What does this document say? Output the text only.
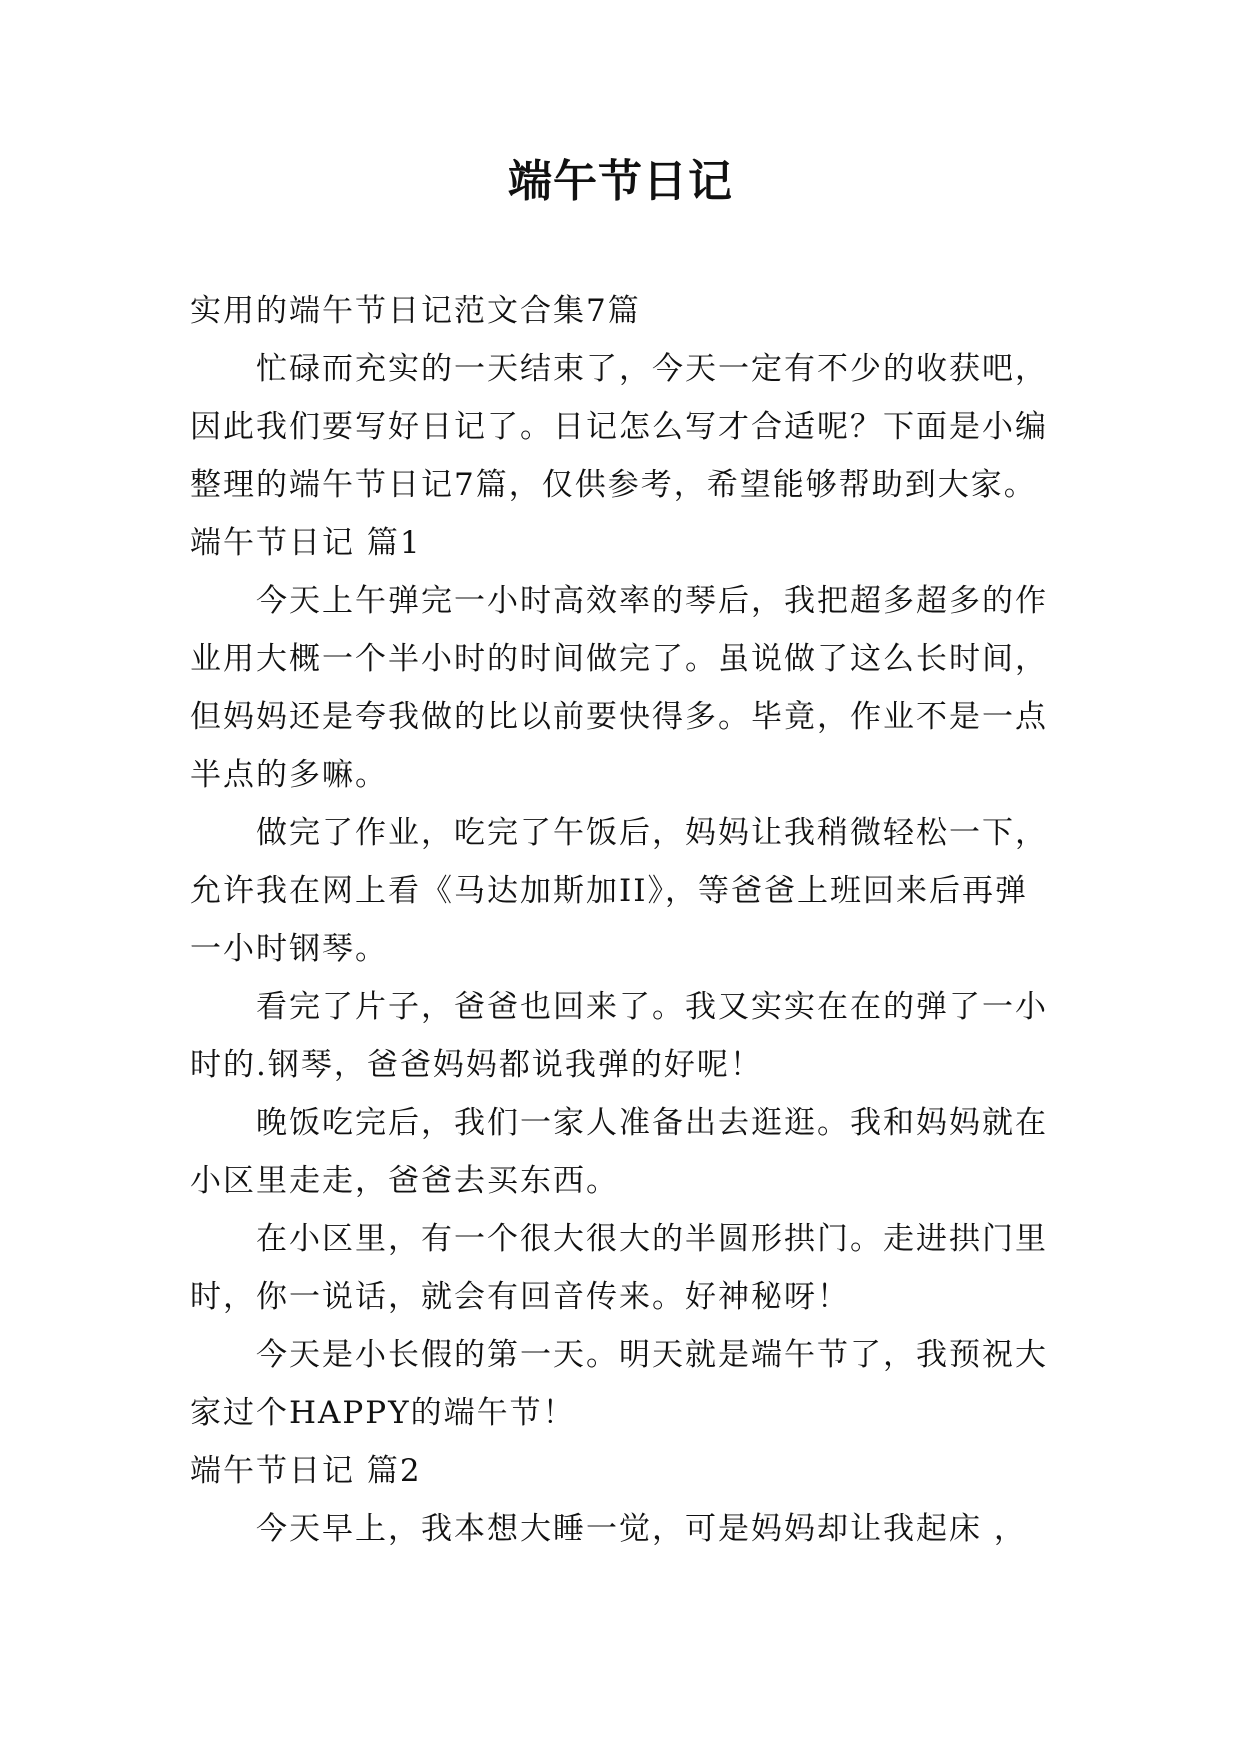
端午节日记
实用的端午节日记范文合集7篇
忙碌而充实的一天结束了，今天一定有不少的收获吧，
因此我们要写好日记了。日记怎么写才合适呢？下面是小编
整理的端午节日记7篇，仅供参考，希望能够帮助到大家。
端午节日记 篇1
今天上午弹完一小时高效率的琴后，我把超多超多的作
业用大概一个半小时的时间做完了。虽说做了这么长时间，
但妈妈还是夸我做的比以前要快得多。毕竟，作业不是一点
半点的多嘛。
做完了作业，吃完了午饭后，妈妈让我稍微轻松一下，
允许我在网上看《马达加斯加II》，等爸爸上班回来后再弹
一小时钢琴。
看完了片子，爸爸也回来了。我又实实在在的弹了一小
时的.钢琴，爸爸妈妈都说我弹的好呢！
晚饭吃完后，我们一家人准备出去逛逛。我和妈妈就在
小区里走走，爸爸去买东西。
在小区里，有一个很大很大的半圆形拱门。走进拱门里
时，你一说话，就会有回音传来。好神秘呀！
今天是小长假的第一天。明天就是端午节了，我预祝大
家过个HAPPY的端午节！
端午节日记 篇2
今天早上，我本想大睡一觉，可是妈妈却让我起床 ，
